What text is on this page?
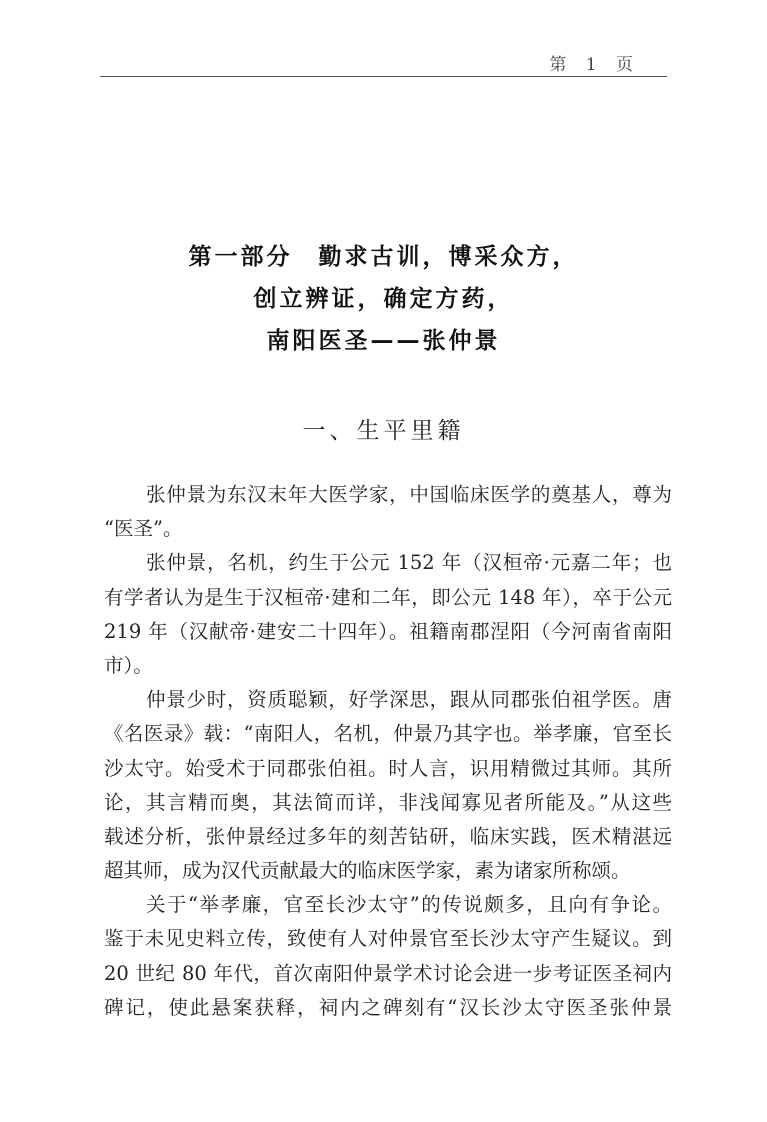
第 1 页
第一部分　勤求古训，博采众方，
创立辨证，确定方药，
南阳医圣——张仲景
一、生平里籍
张仲景为东汉末年大医学家，中国临床医学的奠基人，尊为
“医圣”。
张仲景，名机，约生于公元 152 年（汉桓帝·元嘉二年；也
有学者认为是生于汉桓帝·建和二年，即公元 148 年），卒于公元
219 年（汉献帝·建安二十四年）。祖籍南郡涅阳（今河南省南阳
市）。
仲景少时，资质聪颖，好学深思，跟从同郡张伯祖学医。唐
《名医录》载：“南阳人，名机，仲景乃其字也。举孝廉，官至长
沙太守。始受术于同郡张伯祖。时人言，识用精微过其师。其所
论，其言精而奥，其法简而详，非浅闻寡见者所能及。”从这些
载述分析，张仲景经过多年的刻苦钻研，临床实践，医术精湛远
超其师，成为汉代贡献最大的临床医学家，素为诸家所称颂。
关于“举孝廉，官至长沙太守”的传说颇多，且向有争论。
鉴于未见史料立传，致使有人对仲景官至长沙太守产生疑议。到
20 世纪 80 年代，首次南阳仲景学术讨论会进一步考证医圣祠内
碑记，使此悬案获释，祠内之碑刻有“汉长沙太守医圣张仲景
